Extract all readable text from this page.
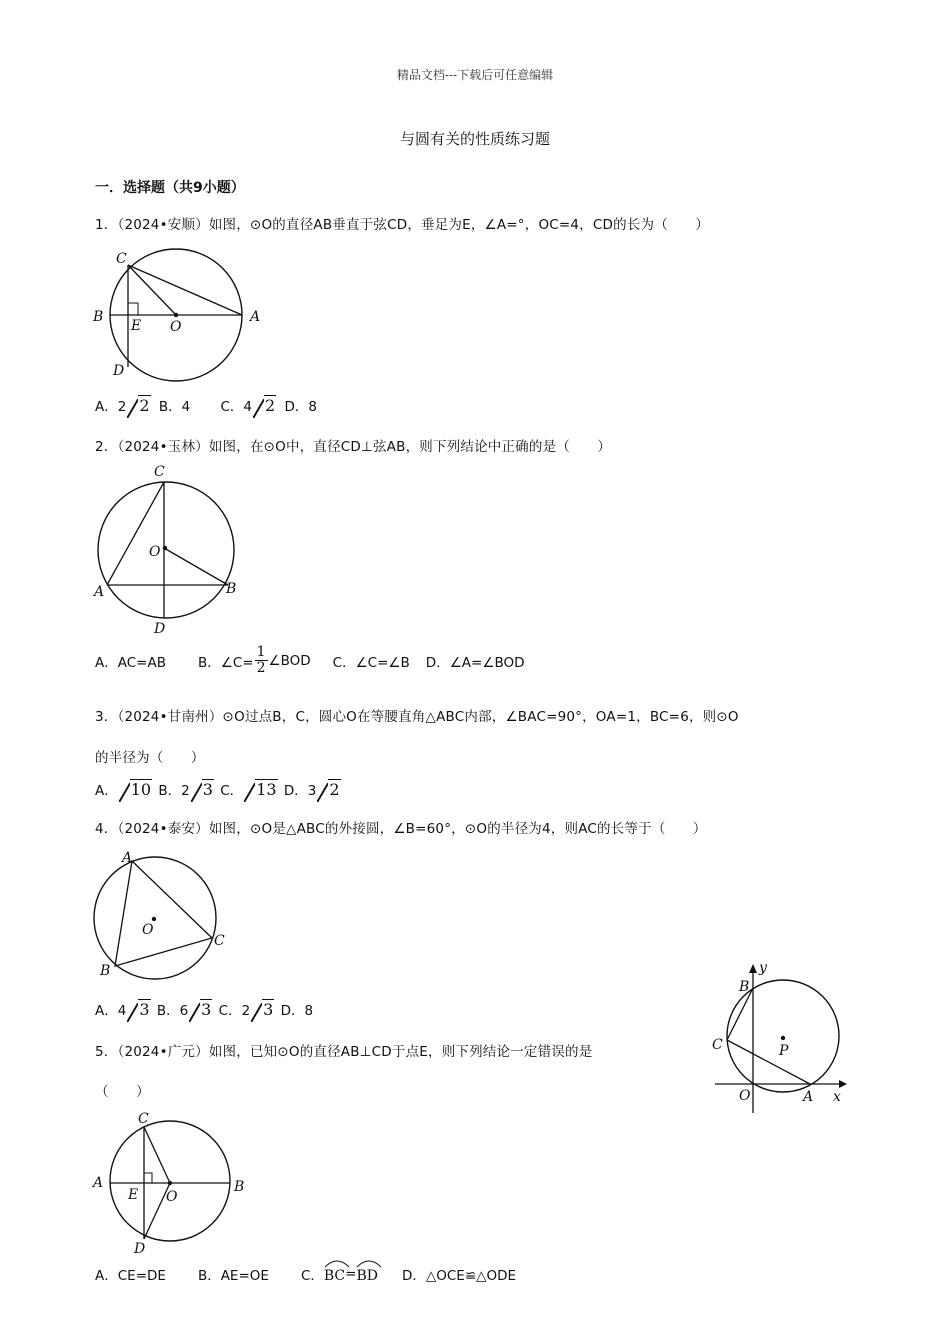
精品文档---下载后可任意编辑
与圆有关的性质练习题
一．选择题（共9小题）
1．（2024•安顺）如图，⊙O的直径AB垂直于弦CD，垂足为E，∠A=°，OC=4，CD的长为（　　）
C
B
E O
A
D
A．2 2 B．4 C．4 2 D．8
2．（2024•玉林）如图，在⊙O中，直径CD⊥弦AB，则下列结论中正确的是（　　）
C
O
A	B
D
A．AC=AB B．∠C= $\frac{1}{2}$ ∠BOD C．∠C=∠B D．∠A=∠BOD
3．（2024•甘南州）⊙O过点B，C，圆心O在等腰直角△ABC内部，∠BAC=90°，OA=1，BC=6，则⊙O
的半径为（　　）
A． 10 B．2 3 C． 13 D．3 2
4．（2024•泰安）如图，⊙O是△ABC的外接圆，∠B=60°，⊙O的半径为4，则AC的长等于（　　）
A
O
B
C
A．4 3 B．6 3 C．2 3 D．8
y
B
C	P
O	A x
5．（2024•广元）如图，已知⊙O的直径AB⊥CD于点E，则下列结论一定错误的是
（　　）
C
A
E O
B
D
A．CE=DE B．AE=OE C． BC = BD D．△OCE≌△ODE
